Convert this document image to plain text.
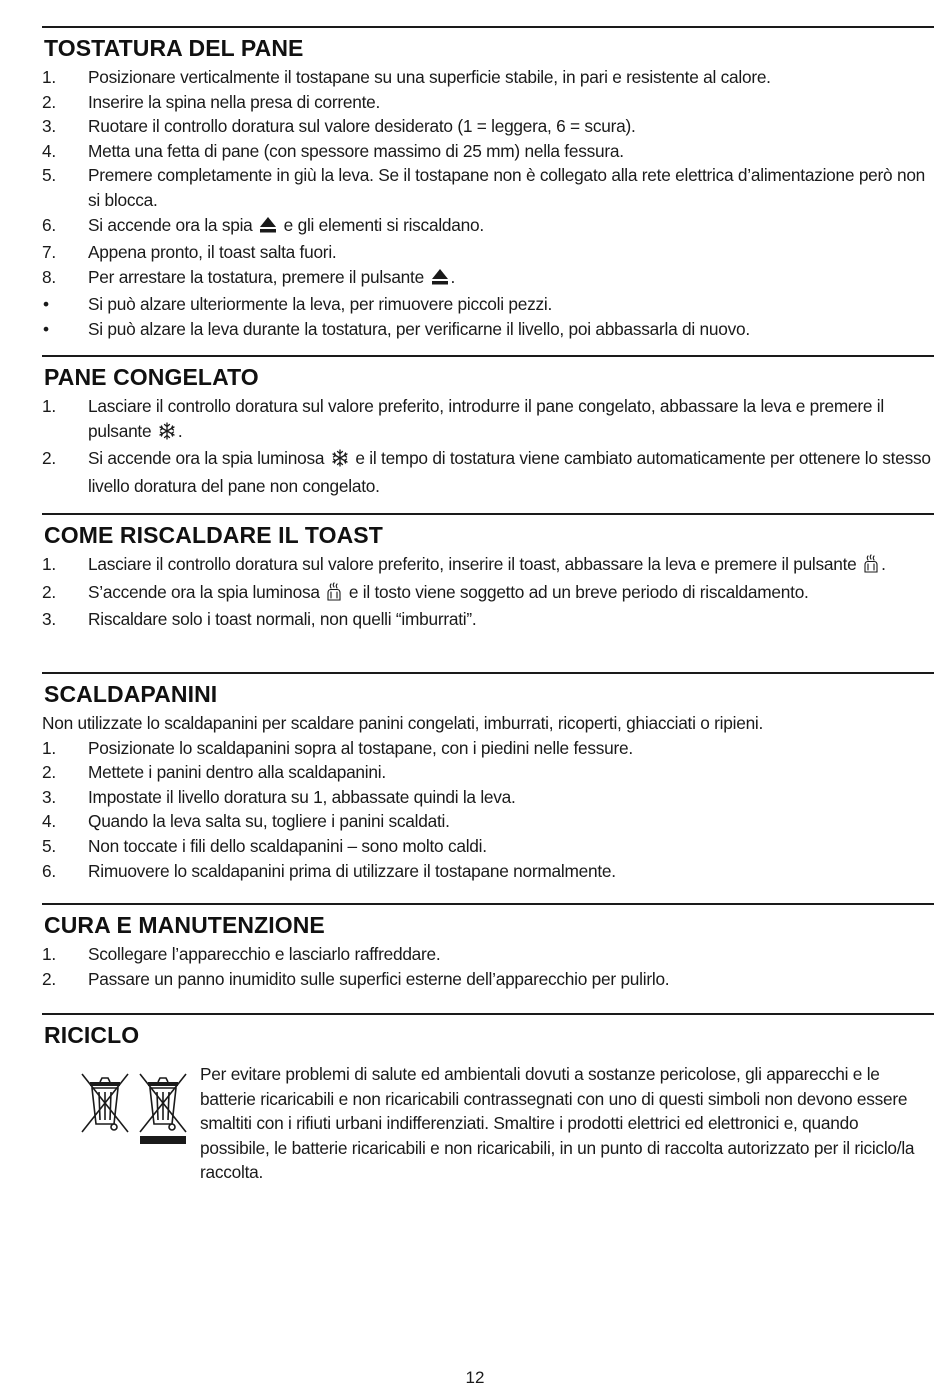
TOSTATURA DEL PANE
1. Posizionare verticalmente il tostapane su una superficie stabile, in pari e resistente al calore.
2. Inserire la spina nella presa di corrente.
3. Ruotare il controllo doratura sul valore desiderato (1 = leggera, 6 = scura).
4. Metta una fetta di pane (con spessore massimo di 25 mm) nella fessura.
5. Premere completamente in giù la leva. Se il tostapane non è collegato alla rete elettrica d’alimentazione però non si blocca.
6. Si accende ora la spia e gli elementi si riscaldano.
7. Appena pronto, il toast salta fuori.
8. Per arrestare la tostatura, premere il pulsante .
• Si può alzare ulteriormente la leva, per rimuovere piccoli pezzi.
• Si può alzare la leva durante la tostatura, per verificarne il livello, poi abbassarla di nuovo.
PANE CONGELATO
1. Lasciare il controllo doratura sul valore preferito, introdurre il pane congelato, abbassare la leva e premere il pulsante .
2. Si accende ora la spia luminosa e il tempo di tostatura viene cambiato automaticamente per ottenere lo stesso livello doratura del pane non congelato.
COME RISCALDARE IL TOAST
1. Lasciare il controllo doratura sul valore preferito, inserire il toast, abbassare la leva e premere il pulsante .
2. S’accende ora la spia luminosa e il tosto viene soggetto ad un breve periodo di riscaldamento.
3. Riscaldare solo i toast normali, non quelli “imburrati”.
SCALDAPANINI
Non utilizzate lo scaldapanini per scaldare panini congelati, imburrati, ricoperti, ghiacciati o ripieni.
1. Posizionate lo scaldapanini sopra al tostapane, con i piedini nelle fessure.
2. Mettete i panini dentro alla scaldapanini.
3. Impostate il livello doratura su 1, abbassate quindi la leva.
4. Quando la leva salta su, togliere i panini scaldati.
5. Non toccate i fili dello scaldapanini – sono molto caldi.
6. Rimuovere lo scaldapanini prima di utilizzare il tostapane normalmente.
CURA E MANUTENZIONE
1. Scollegare l’apparecchio e lasciarlo raffreddare.
2. Passare un panno inumidito sulle superfici esterne dell’apparecchio per pulirlo.
RICICLO
Per evitare problemi di salute ed ambientali dovuti a sostanze pericolose, gli apparecchi e le batterie ricaricabili e non ricaricabili contrassegnati con uno di questi simboli non devono essere smaltiti con i rifiuti urbani indifferenziati. Smaltire i prodotti elettrici ed elettronici e, quando possibile, le batterie ricaricabili e non ricaricabili, in un punto di raccolta autorizzato per il riciclo/la raccolta.
12
